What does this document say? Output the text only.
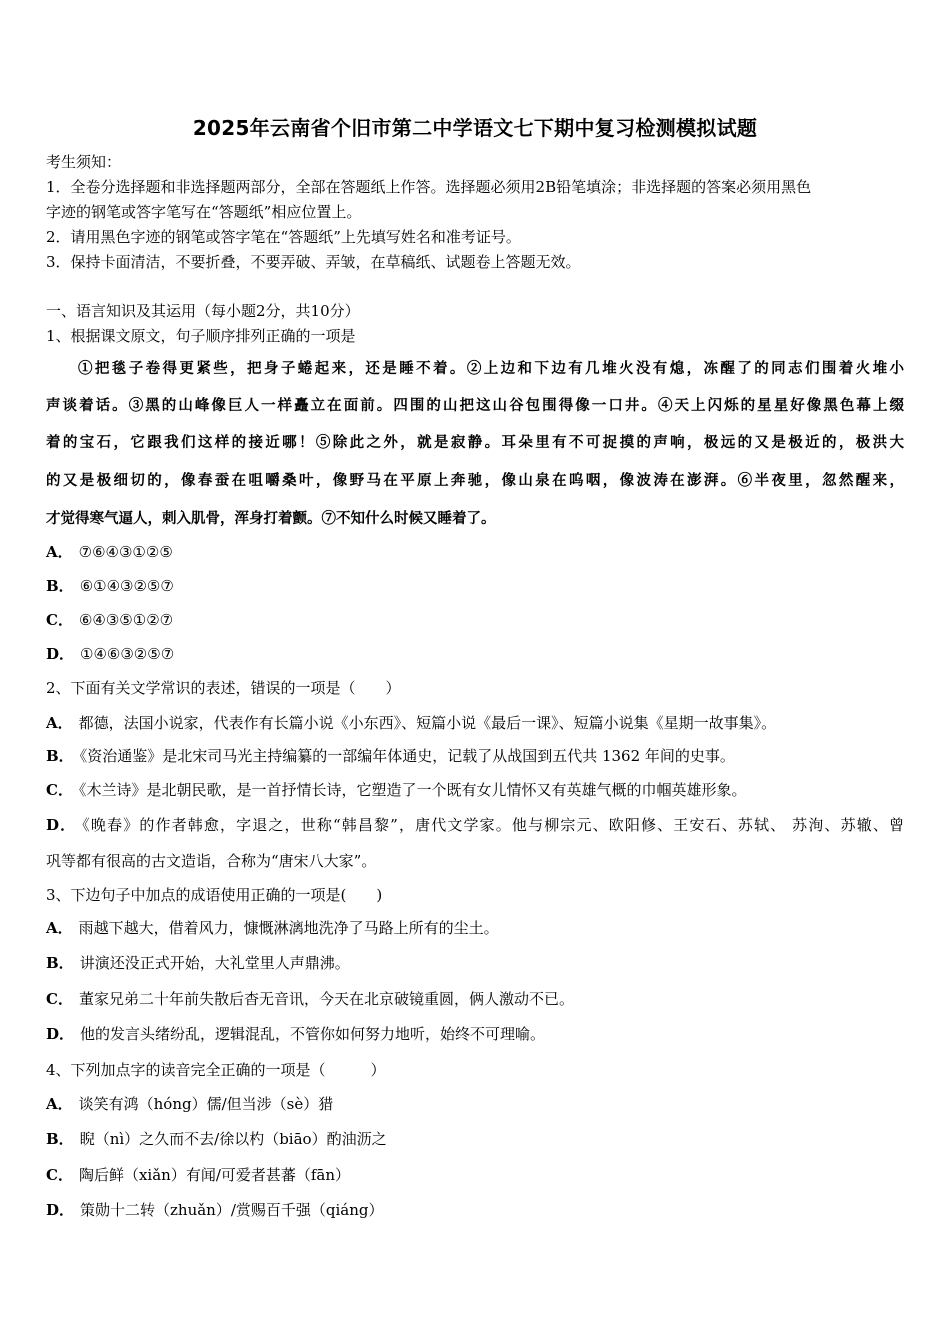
2025年云南省个旧市第二中学语文七下期中复习检测模拟试题
考生须知：
1．全卷分选择题和非选择题两部分，全部在答题纸上作答。选择题必须用2B铅笔填涂；非选择题的答案必须用黑色
字迹的钢笔或答字笔写在“答题纸”相应位置上。
2．请用黑色字迹的钢笔或答字笔在“答题纸”上先填写姓名和准考证号。
3．保持卡面清洁，不要折叠，不要弄破、弄皱，在草稿纸、试题卷上答题无效。
一、语言知识及其运用（每小题2分，共10分）
1、根据课文原文，句子顺序排列正确的一项是
①把毯子卷得更紧些，把身子蜷起来，还是睡不着。②上边和下边有几堆火没有熄，冻醒了的同志们围着火堆小
声谈着话。③黑的山峰像巨人一样矗立在面前。四围的山把这山谷包围得像一口井。④天上闪烁的星星好像黑色幕上缀
着的宝石，它跟我们这样的接近哪！⑤除此之外，就是寂静。耳朵里有不可捉摸的声响，极远的又是极近的，极洪大
的又是极细切的，像春蚕在咀嚼桑叶，像野马在平原上奔驰，像山泉在呜咽，像波涛在澎湃。⑥半夜里，忽然醒来，
才觉得寒气逼人，刺入肌骨，浑身打着颤。⑦不知什么时候又睡着了。
A． ⑦⑥④③①②⑤
B． ⑥①④③②⑤⑦
C． ⑥④③⑤①②⑦
D． ①④⑥③②⑤⑦
2、下面有关文学常识的表述，错误的一项是（　　）
A． 都德，法国小说家，代表作有长篇小说《小东西》、短篇小说《最后一课》、短篇小说集《星期一故事集》。
B． 《资治通鉴》是北宋司马光主持编纂的一部编年体通史，记载了从战国到五代共 1362 年间的史事。
C． 《木兰诗》是北朝民歌，是一首抒情长诗，它塑造了一个既有女儿情怀又有英雄气概的巾帼英雄形象。
D． 《晚春》的作者韩愈，字退之，世称“韩昌黎”，唐代文学家。他与柳宗元、欧阳修、王安石、苏轼、 苏洵、苏辙、曾
巩等都有很高的古文造诣，合称为“唐宋八大家”。
3、下边句子中加点的成语使用正确的一项是(　　)
A． 雨越下越大，借着风力，慷慨淋漓地洗净了马路上所有的尘土。
B． 讲演还没正式开始，大礼堂里人声鼎沸。
C． 董家兄弟二十年前失散后杳无音讯，今天在北京破镜重圆，俩人激动不已。
D． 他的发言头绪纷乱，逻辑混乱，不管你如何努力地听，始终不可理喻。
4、下列加点字的读音完全正确的一项是（　　　）
A． 谈笑有鸿（hóng）儒/但当涉（sè）猎
B． 睨（nì）之久而不去/徐以杓（biāo）酌油沥之
C． 陶后鲜（xiǎn）有闻/可爱者甚蕃（fān）
D． 策勋十二转（zhuǎn）/赏赐百千强（qiáng）
